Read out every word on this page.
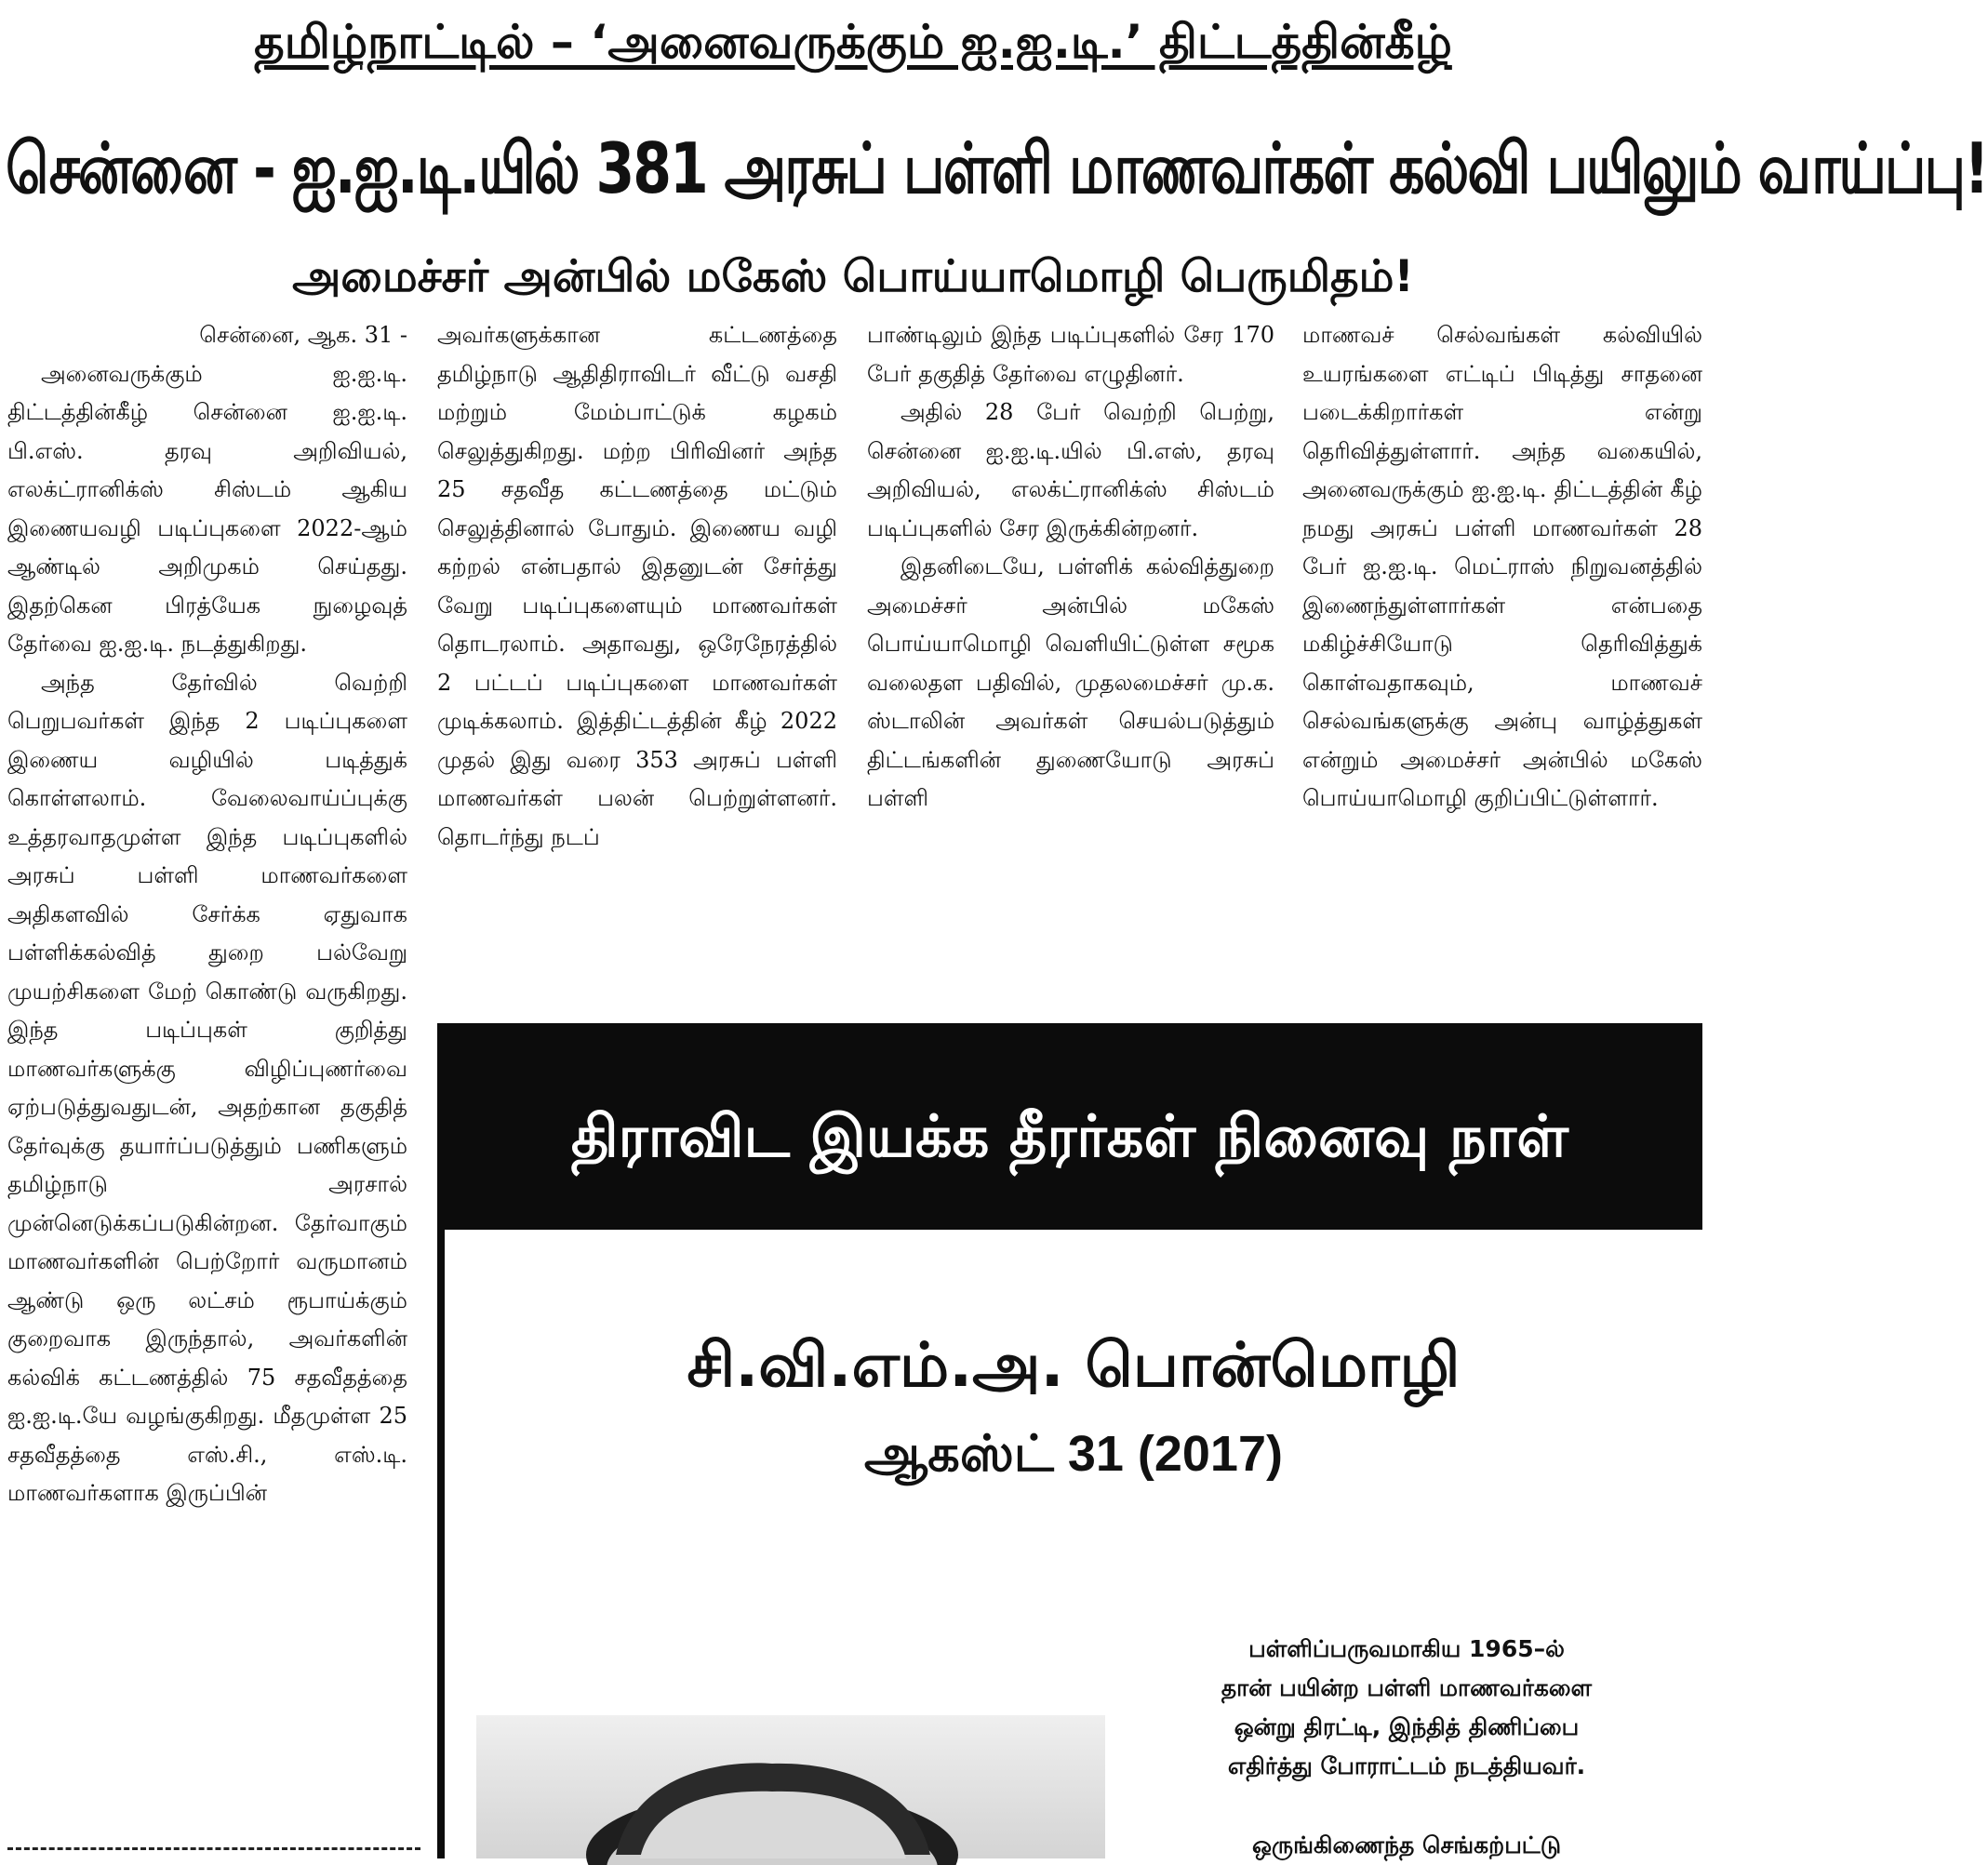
தமிழ்நாட்டில் – ‘அனைவருக்கும் ஐ.ஐ.டி.’ திட்டத்தின்கீழ்
சென்னை - ஐ.ஐ.டி.யில் 381 அரசுப் பள்ளி மாணவர்கள் கல்வி பயிலும் வாய்ப்பு!
அமைச்சர் அன்பில் மகேஸ் பொய்யாமொழி பெருமிதம்!

சென்னை, ஆக. 31 -

அனைவருக்கும் ஐ.ஐ.டி. திட்டத்தின்கீழ் சென்னை ஐ.ஐ.டி. பி.எஸ். தரவு அறிவியல், எலக்ட்ரானிக்ஸ் சிஸ்டம் ஆகிய இணையவழி படிப்புகளை 2022-ஆம் ஆண்டில் அறிமுகம் செய்தது. இதற்கென பிரத்யேக நுழைவுத் தேர்வை ஐ.ஐ.டி. நடத்துகிறது.

அந்த தேர்வில் வெற்றி பெறுபவர்கள் இந்த 2 படிப்புகளை இணைய வழியில் படித்துக் கொள்ளலாம். வேலைவாய்ப்புக்கு உத்தரவாதமுள்ள இந்த படிப்புகளில் அரசுப் பள்ளி மாணவர்களை அதிகளவில் சேர்க்க ஏதுவாக பள்ளிக்கல்வித் துறை பல்வேறு முயற்சிகளை மேற் கொண்டு வருகிறது. இந்த படிப்புகள் குறித்து மாணவர்களுக்கு விழிப்புணர்வை ஏற்படுத்துவதுடன், அதற்கான தகுதித் தேர்வுக்கு தயார்ப்படுத்தும் பணிகளும் தமிழ்நாடு அரசால் முன்னெடுக்கப்படுகின்றன. தேர்வாகும் மாணவர்களின் பெற்றோர் வருமானம் ஆண்டு ஒரு லட்சம் ரூபாய்க்கும் குறைவாக இருந்தால், அவர்களின் கல்விக் கட்டணத்தில் 75 சதவீதத்தை ஐ.ஐ.டி.யே வழங்குகிறது. மீதமுள்ள 25 சதவீதத்தை எஸ்.சி., எஸ்.டி. மாணவர்களாக இருப்பின்

அவர்களுக்கான கட்டணத்தை தமிழ்நாடு ஆதிதிராவிடர் வீட்டு வசதி மற்றும் மேம்பாட்டுக் கழகம் செலுத்துகிறது. மற்ற பிரிவினர் அந்த 25 சதவீத கட்டணத்தை மட்டும் செலுத்தினால் போதும். இணைய வழி கற்றல் என்பதால் இதனுடன் சேர்த்து வேறு படிப்புகளையும் மாணவர்கள் தொடரலாம். அதாவது, ஒரேநேரத்தில் 2 பட்டப் படிப்புகளை மாணவர்கள் முடிக்கலாம். இத்திட்டத்தின் கீழ் 2022 முதல் இது வரை 353 அரசுப் பள்ளி மாணவர்கள் பலன் பெற்றுள்ளனர். தொடர்ந்து நடப்

பாண்டிலும் இந்த படிப்புகளில் சேர 170 பேர் தகுதித் தேர்வை எழுதினர்.

அதில் 28 பேர் வெற்றி பெற்று, சென்னை ஐ.ஐ.டி.யில் பி.எஸ், தரவு அறிவியல், எலக்ட்ரானிக்ஸ் சிஸ்டம் படிப்புகளில் சேர இருக்கின்றனர்.

இதனிடையே, பள்ளிக் கல்வித்துறை அமைச்சர் அன்பில் மகேஸ் பொய்யாமொழி வெளியிட்டுள்ள சமூக வலைதள பதிவில், முதலமைச்சர் மு.க. ஸ்டாலின் அவர்கள் செயல்படுத்தும் திட்டங்களின் துணையோடு அரசுப் பள்ளி

மாணவச் செல்வங்கள் கல்வியில் உயரங்களை எட்டிப் பிடித்து சாதனை படைக்கிறார்கள் என்று தெரிவித்துள்ளார். அந்த வகையில், அனைவருக்கும் ஐ.ஐ.டி. திட்டத்தின் கீழ் நமது அரசுப் பள்ளி மாணவர்கள் 28 பேர் ஐ.ஐ.டி. மெட்ராஸ் நிறுவனத்தில் இணைந்துள்ளார்கள் என்பதை மகிழ்ச்சியோடு தெரிவித்துக் கொள்வதாகவும், மாணவச் செல்வங்களுக்கு அன்பு வாழ்த்துகள் என்றும் அமைச்சர் அன்பில் மகேஸ் பொய்யாமொழி குறிப்பிட்டுள்ளார்.

திராவிட இயக்க தீரர்கள் நினைவு நாள்
சி.வி.எம்.அ. பொன்மொழி
ஆகஸ்ட் 31 (2017)
பள்ளிப்பருவமாகிய 1965–ல்
தான் பயின்ற பள்ளி மாணவர்களை
ஒன்று திரட்டி, இந்தித் திணிப்பை
எதிர்த்து போராட்டம் நடத்தியவர்.
ஒருங்கிணைந்த செங்கற்பட்டு
